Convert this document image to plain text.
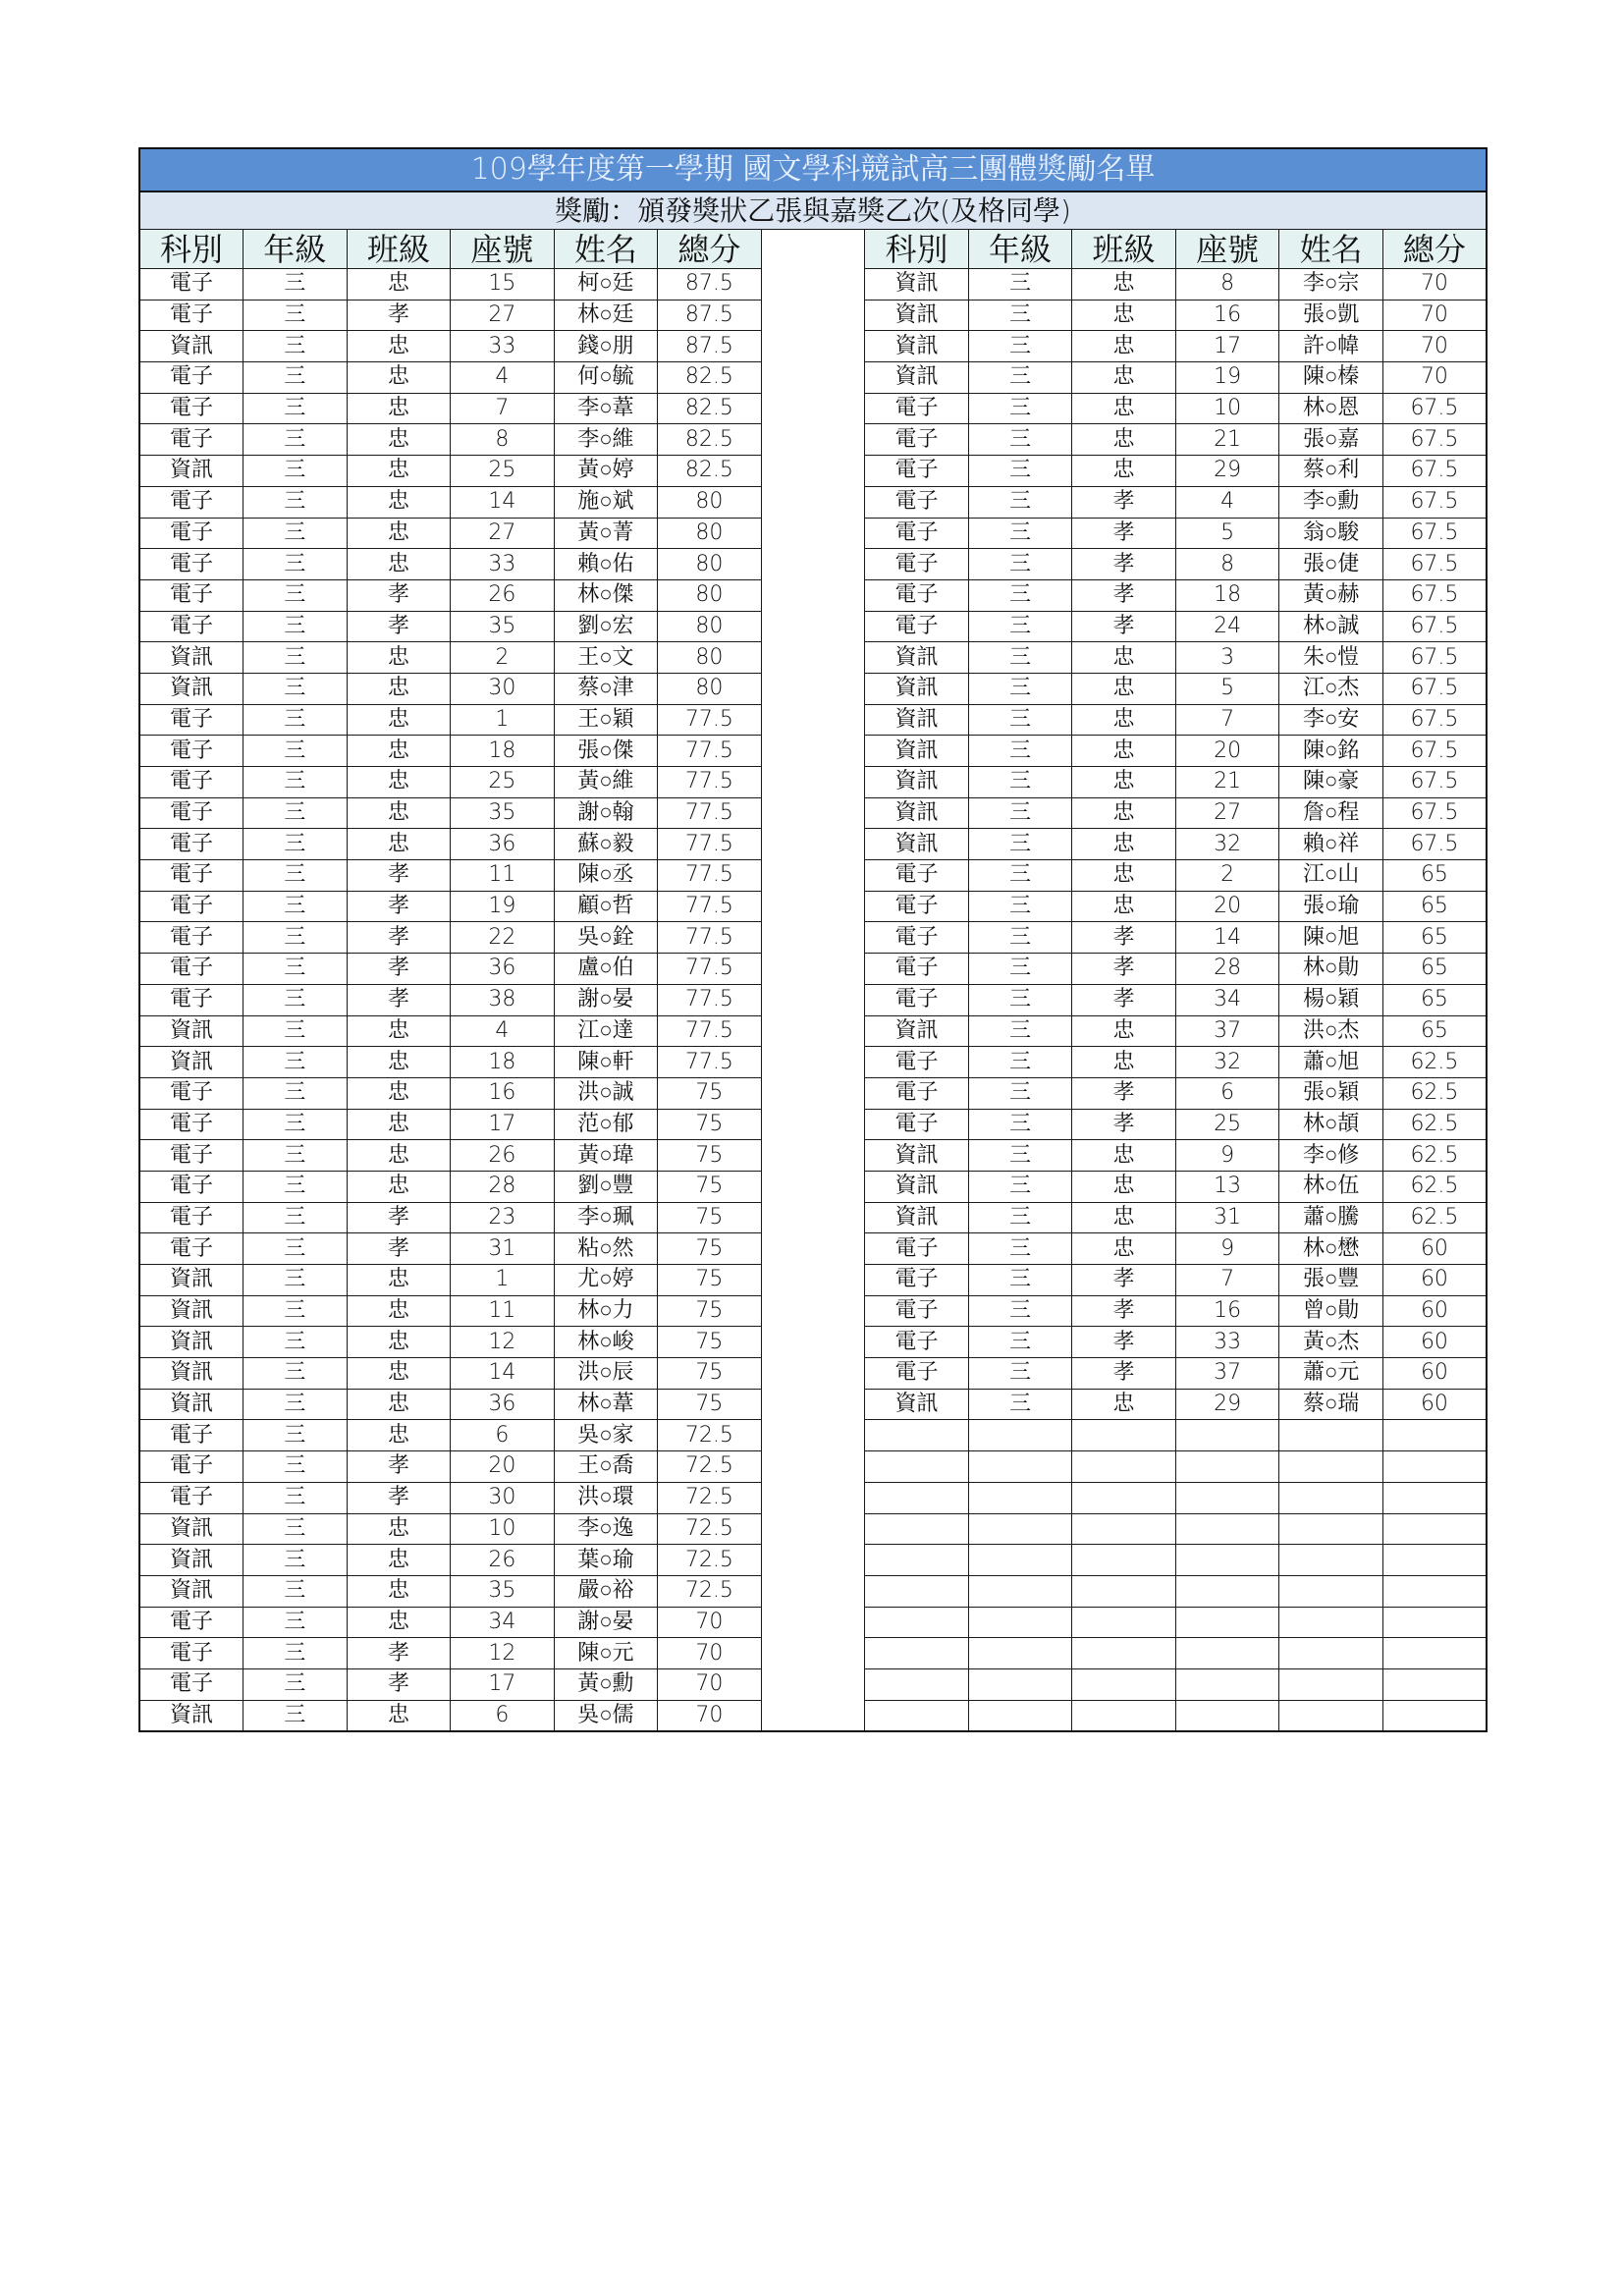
109學年度第一學期 國文學科競試高三團體獎勵名單												
獎勵：頒發獎狀乙張與嘉獎乙次(及格同學)												
科別	年級	班級	座號	姓名	總分		科別	年級	班級	座號	姓名	總分
電子	三	忠	15	柯○廷	87.5		資訊	三	忠	8	李○宗	70
電子	三	孝	27	林○廷	87.5		資訊	三	忠	16	張○凱	70
資訊	三	忠	33	錢○朋	87.5		資訊	三	忠	17	許○幃	70
電子	三	忠	4	何○毓	82.5		資訊	三	忠	19	陳○榛	70
電子	三	忠	7	李○葦	82.5		電子	三	忠	10	林○恩	67.5
電子	三	忠	8	李○維	82.5		電子	三	忠	21	張○嘉	67.5
資訊	三	忠	25	黃○婷	82.5		電子	三	忠	29	蔡○利	67.5
電子	三	忠	14	施○斌	80		電子	三	孝	4	李○勳	67.5
電子	三	忠	27	黃○菁	80		電子	三	孝	5	翁○駿	67.5
電子	三	忠	33	賴○佑	80		電子	三	孝	8	張○倢	67.5
電子	三	孝	26	林○傑	80		電子	三	孝	18	黃○赫	67.5
電子	三	孝	35	劉○宏	80		電子	三	孝	24	林○誠	67.5
資訊	三	忠	2	王○文	80		資訊	三	忠	3	朱○愷	67.5
資訊	三	忠	30	蔡○津	80		資訊	三	忠	5	江○杰	67.5
電子	三	忠	1	王○穎	77.5		資訊	三	忠	7	李○安	67.5
電子	三	忠	18	張○傑	77.5		資訊	三	忠	20	陳○銘	67.5
電子	三	忠	25	黃○維	77.5		資訊	三	忠	21	陳○豪	67.5
電子	三	忠	35	謝○翰	77.5		資訊	三	忠	27	詹○程	67.5
電子	三	忠	36	蘇○毅	77.5		資訊	三	忠	32	賴○祥	67.5
電子	三	孝	11	陳○丞	77.5		電子	三	忠	2	江○山	65
電子	三	孝	19	顧○哲	77.5		電子	三	忠	20	張○瑜	65
電子	三	孝	22	吳○銓	77.5		電子	三	孝	14	陳○旭	65
電子	三	孝	36	盧○伯	77.5		電子	三	孝	28	林○勛	65
電子	三	孝	38	謝○晏	77.5		電子	三	孝	34	楊○穎	65
資訊	三	忠	4	江○達	77.5		資訊	三	忠	37	洪○杰	65
資訊	三	忠	18	陳○軒	77.5		電子	三	忠	32	蕭○旭	62.5
電子	三	忠	16	洪○誠	75		電子	三	孝	6	張○穎	62.5
電子	三	忠	17	范○郁	75		電子	三	孝	25	林○頡	62.5
電子	三	忠	26	黃○瑋	75		資訊	三	忠	9	李○修	62.5
電子	三	忠	28	劉○豐	75		資訊	三	忠	13	林○伍	62.5
電子	三	孝	23	李○珮	75		資訊	三	忠	31	蕭○騰	62.5
電子	三	孝	31	粘○然	75		電子	三	忠	9	林○懋	60
資訊	三	忠	1	尤○婷	75		電子	三	孝	7	張○豐	60
資訊	三	忠	11	林○力	75		電子	三	孝	16	曾○勛	60
資訊	三	忠	12	林○峻	75		電子	三	孝	33	黃○杰	60
資訊	三	忠	14	洪○辰	75		電子	三	孝	37	蕭○元	60
資訊	三	忠	36	林○葦	75		資訊	三	忠	29	蔡○瑞	60
電子	三	忠	6	吳○家	72.5							
電子	三	孝	20	王○喬	72.5							
電子	三	孝	30	洪○環	72.5							
資訊	三	忠	10	李○逸	72.5							
資訊	三	忠	26	葉○瑜	72.5							
資訊	三	忠	35	嚴○裕	72.5							
電子	三	忠	34	謝○晏	70							
電子	三	孝	12	陳○元	70							
電子	三	孝	17	黃○勳	70							
資訊	三	忠	6	吳○儒	70							
